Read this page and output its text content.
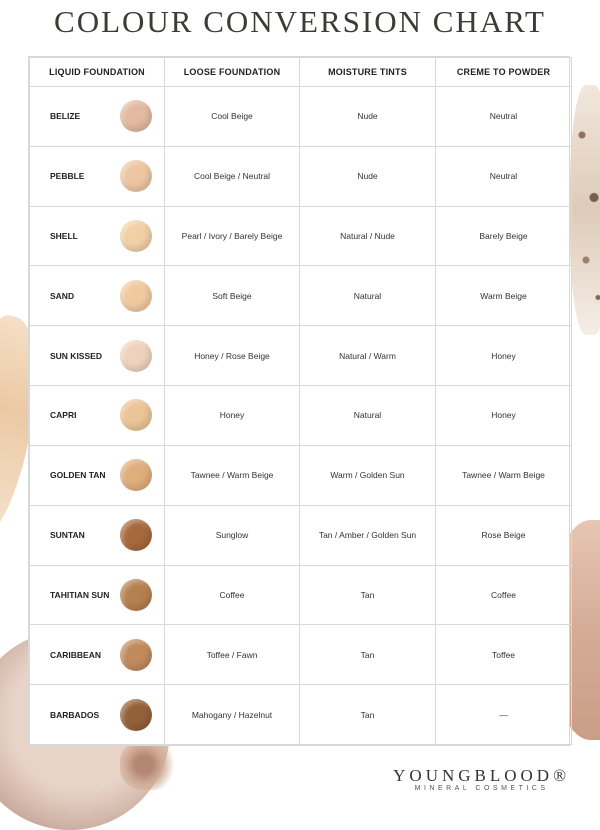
COLOUR CONVERSION CHART
LIQUID FOUNDATION	LOOSE FOUNDATION	MOISTURE TINTS	CREME TO POWDER

BELIZE	Cool Beige	Nude	Neutral

PEBBLE	Cool Beige / Neutral	Nude	Neutral

SHELL	Pearl / Ivory / Barely Beige	Natural / Nude	Barely Beige

SAND	Soft Beige	Natural	Warm Beige

SUN KISSED	Honey / Rose Beige	Natural / Warm	Honey

CAPRI	Honey	Natural	Honey

GOLDEN TAN	Tawnee / Warm Beige	Warm / Golden Sun	Tawnee / Warm Beige

SUNTAN	Sunglow	Tan / Amber / Golden Sun	Rose Beige

TAHITIAN SUN	Coffee	Tan	Coffee

CARIBBEAN	Toffee / Fawn	Tan	Toffee

BARBADOS	Mahogany / Hazelnut	Tan	—
YOUNGBLOOD®
MINERAL COSMETICS
